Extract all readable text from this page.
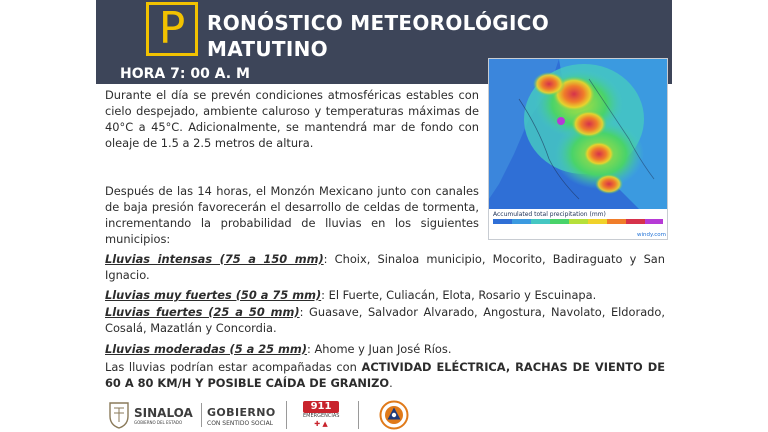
P	RONÓSTICO METEOROLÓGICO
MATUTINO
HORA 7: 00 A. M
Accumulated total precipitation (mm)
windy.com

Durante el día se prevén condiciones atmosféricas estables con cielo despejado, ambiente caluroso y temperaturas máximas de 40°C a 45°C. Adicionalmente, se mantendrá mar de fondo con oleaje de 1.5 a 2.5 metros de altura.

Después de las 14 horas, el Monzón Mexicano junto con canales de baja presión favorecerán el desarrollo de celdas de tormenta, incrementando la probabilidad de lluvias en los siguientes municipios:
Lluvias intensas (75 a 150 mm): Choix, Sinaloa municipio, Mocorito, Badiraguato y San Ignacio.
Lluvias muy fuertes (50 a 75 mm): El Fuerte, Culiacán, Elota, Rosario y Escuinapa.
Lluvias fuertes (25 a 50 mm): Guasave, Salvador Alvarado, Angostura, Navolato, Eldorado, Cosalá, Mazatlán y Concordia.
Lluvias moderadas (5 a 25 mm): Ahome y Juan José Ríos.
Las lluvias podrían estar acompañadas con ACTIVIDAD ELÉCTRICA, RACHAS DE VIENTO DE 60 A 80 KM/H Y POSIBLE CAÍDA DE GRANIZO.
SINALOA
GOBIERNO DEL ESTADO
GOBIERNO
CON SENTIDO SOCIAL
911
EMERGENCIAS
✚ ▲
